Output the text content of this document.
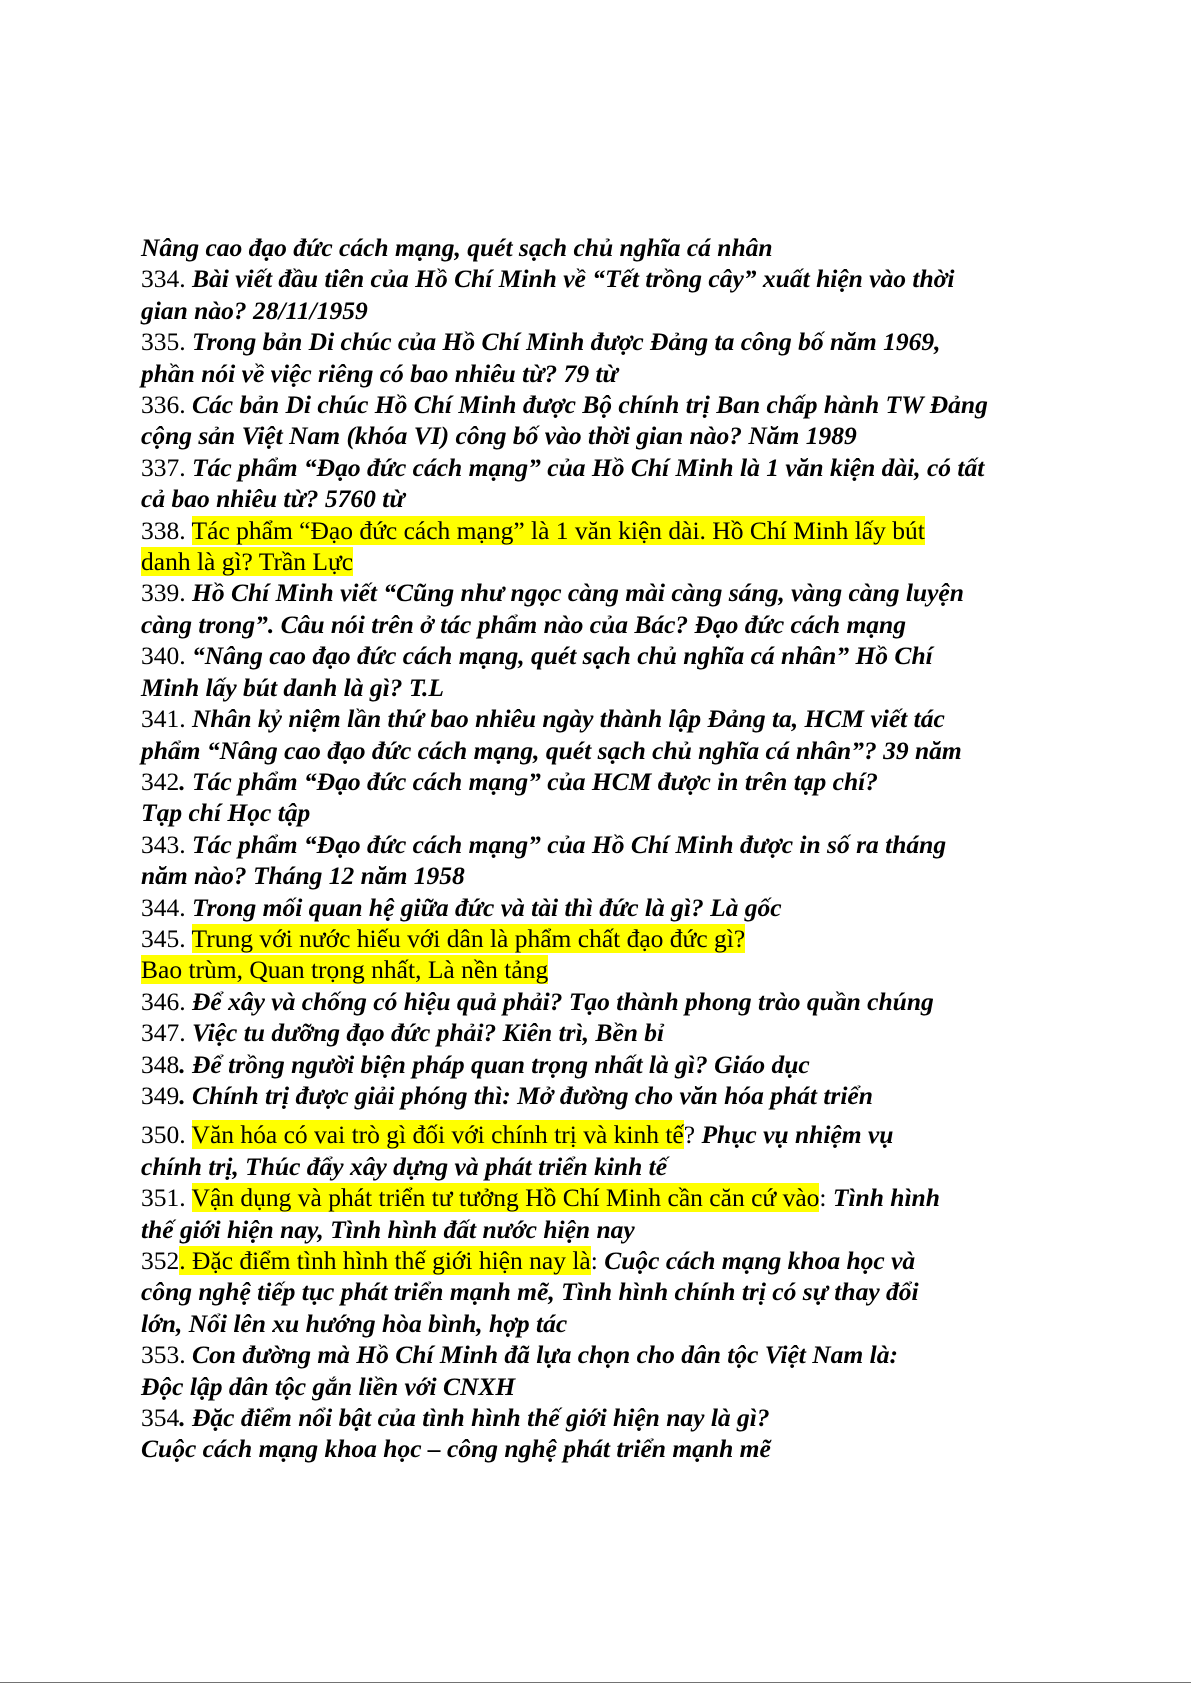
Nâng cao đạo đức cách mạng, quét sạch chủ nghĩa cá nhân
334. Bài viết đầu tiên của Hồ Chí Minh về “Tết trồng cây” xuất hiện vào thời
gian nào? 28/11/1959
335. Trong bản Di chúc của Hồ Chí Minh được Đảng ta công bố năm 1969,
phần nói về việc riêng có bao nhiêu từ? 79 từ
336. Các bản Di chúc Hồ Chí Minh được Bộ chính trị Ban chấp hành TW Đảng
cộng sản Việt Nam (khóa VI) công bố vào thời gian nào? Năm 1989
337. Tác phẩm “Đạo đức cách mạng” của Hồ Chí Minh là 1 văn kiện dài, có tất
cả bao nhiêu từ? 5760 từ
338. Tác phẩm “Đạo đức cách mạng” là 1 văn kiện dài. Hồ Chí Minh lấy bút
danh là gì? Trần Lực
339. Hồ Chí Minh viết “Cũng như ngọc càng mài càng sáng, vàng càng luyện
càng trong”. Câu nói trên ở tác phẩm nào của Bác? Đạo đức cách mạng
340. “Nâng cao đạo đức cách mạng, quét sạch chủ nghĩa cá nhân” Hồ Chí
Minh lấy bút danh là gì? T.L
341. Nhân kỷ niệm lần thứ bao nhiêu ngày thành lập Đảng ta, HCM viết tác
phẩm “Nâng cao đạo đức cách mạng, quét sạch chủ nghĩa cá nhân”? 39 năm
342. Tác phẩm “Đạo đức cách mạng” của HCM được in trên tạp chí?
Tạp chí Học tập
343. Tác phẩm “Đạo đức cách mạng” của Hồ Chí Minh được in số ra tháng
năm nào? Tháng 12 năm 1958
344. Trong mối quan hệ giữa đức và tài thì đức là gì? Là gốc
345. Trung với nước hiếu với dân là phẩm chất đạo đức gì?
Bao trùm, Quan trọng nhất, Là nền tảng
346. Để xây và chống có hiệu quả phải? Tạo thành phong trào quần chúng
347. Việc tu dưỡng đạo đức phải? Kiên trì, Bền bỉ
348. Để trồng người biện pháp quan trọng nhất là gì? Giáo dục
349. Chính trị được giải phóng thì: Mở đường cho văn hóa phát triển
350. Văn hóa có vai trò gì đối với chính trị và kinh tế? Phục vụ nhiệm vụ
chính trị, Thúc đẩy xây dựng và phát triển kinh tế
351. Vận dụng và phát triển tư tưởng Hồ Chí Minh cần căn cứ vào: Tình hình
thế giới hiện nay, Tình hình đất nước hiện nay
352. Đặc điểm tình hình thế giới hiện nay là: Cuộc cách mạng khoa học và
công nghệ tiếp tục phát triển mạnh mẽ, Tình hình chính trị có sự thay đổi
lớn, Nổi lên xu hướng hòa bình, hợp tác
353. Con đường mà Hồ Chí Minh đã lựa chọn cho dân tộc Việt Nam là:
Độc lập dân tộc gắn liền với CNXH
354. Đặc điểm nổi bật của tình hình thế giới hiện nay là gì?
Cuộc cách mạng khoa học – công nghệ phát triển mạnh mẽ
